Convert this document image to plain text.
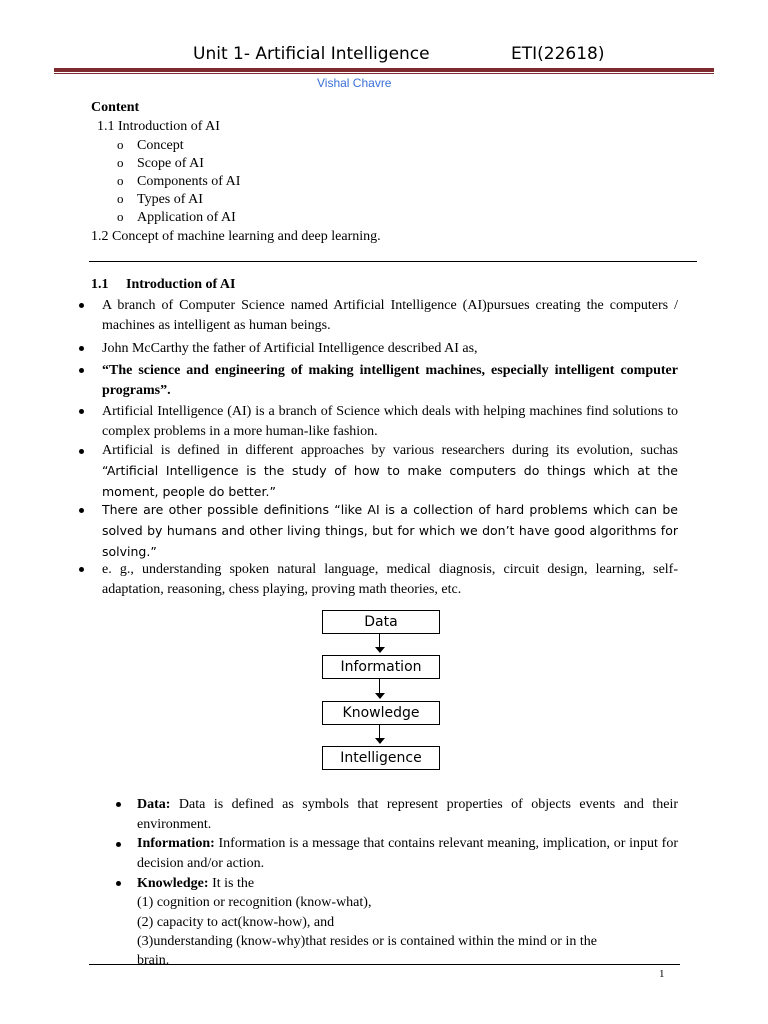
Unit 1- Artificial Intelligence	ETI(22618)
Vishal Chavre
Content
1.1 Introduction of AI
o Concept
o Scope of AI
o Components of AI
o Types of AI
o Application of AI
1.2 Concept of machine learning and deep learning.
1.1 Introduction of AI
A branch of Computer Science named Artificial Intelligence (AI)pursues creating the computers / machines as intelligent as human beings.
John McCarthy the father of Artificial Intelligence described AI as,
“The science and engineering of making intelligent machines, especially intelligent computer programs”.
Artificial Intelligence (AI) is a branch of Science which deals with helping machines find solutions to complex problems in a more human-like fashion.
Artificial is defined in different approaches by various researchers during its evolution, suchas “Artificial Intelligence is the study of how to make computers do things which at the moment, people do better.”
There are other possible definitions “like AI is a collection of hard problems which can be solved by humans and other living things, but for which we don’t have good algorithms for solving.”
e. g., understanding spoken natural language, medical diagnosis, circuit design, learning, self-adaptation, reasoning, chess playing, proving math theories, etc.
Data
Information
Knowledge
Intelligence
Data: Data is defined as symbols that represent properties of objects events and their environment.
Information: Information is a message that contains relevant meaning, implication, or input for decision and/or action.
Knowledge: It is the
(1) cognition or recognition (know-what),
(2) capacity to act(know-how), and
(3)understanding (know-why)that resides or is contained within the mind or in the
brain.
1
